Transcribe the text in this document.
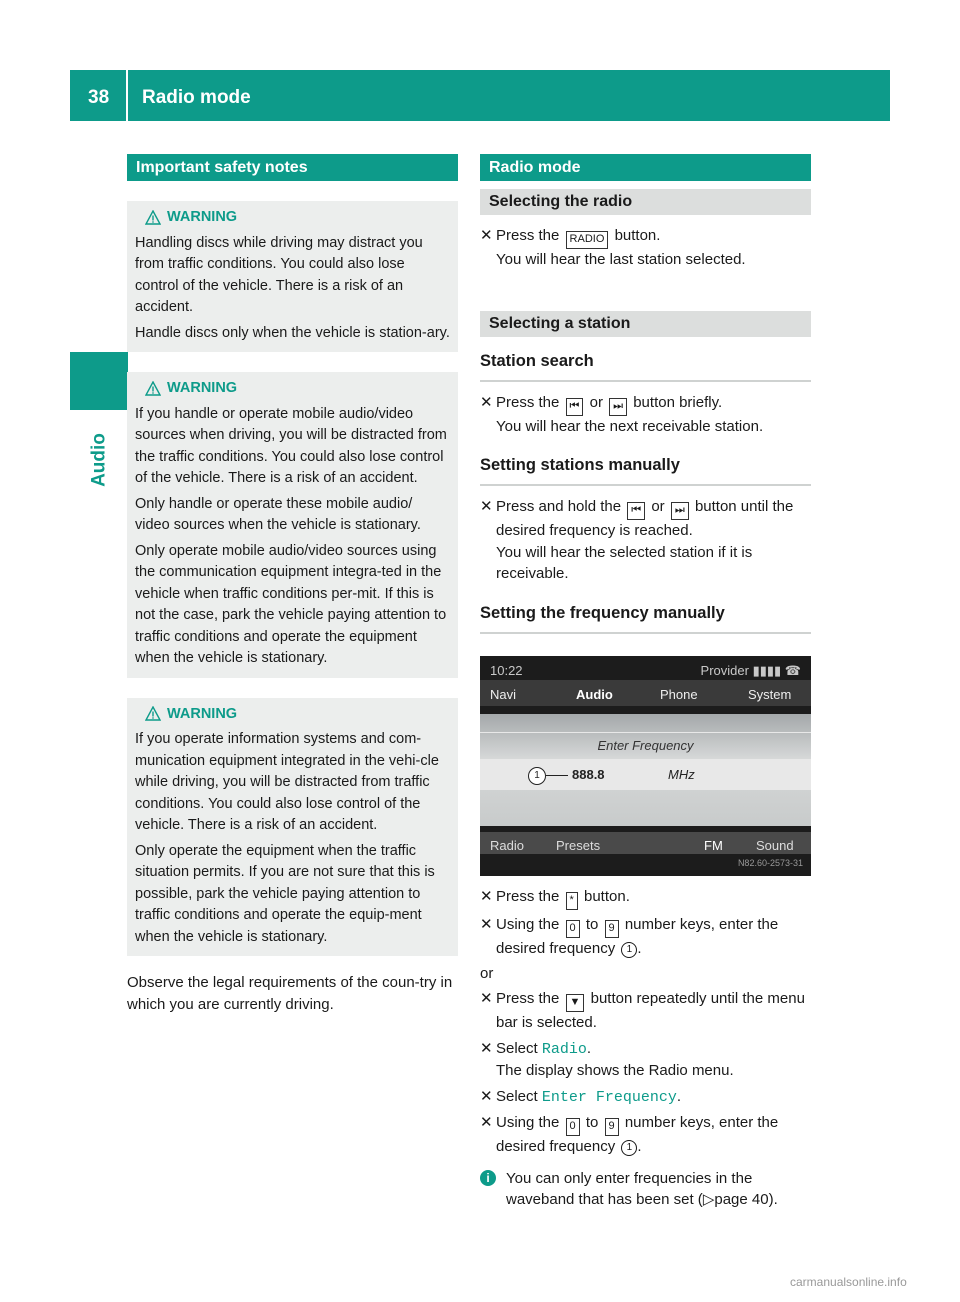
38 Radio mode
Audio
Important safety notes
WARNING

Handling discs while driving may distract you from traffic conditions. You could also lose control of the vehicle. There is a risk of an accident.

Handle discs only when the vehicle is station-ary.

WARNING

If you handle or operate mobile audio/video sources when driving, you will be distracted from the traffic conditions. You could also lose control of the vehicle. There is a risk of an accident.

Only handle or operate these mobile audio/ video sources when the vehicle is stationary.

Only operate mobile audio/video sources using the communication equipment integra-ted in the vehicle when traffic conditions per-mit. If this is not the case, park the vehicle paying attention to traffic conditions and operate the equipment when the vehicle is stationary.

WARNING

If you operate information systems and com-munication equipment integrated in the vehi-cle while driving, you will be distracted from traffic conditions. You could also lose control of the vehicle. There is a risk of an accident.

Only operate the equipment when the traffic situation permits. If you are not sure that this is possible, park the vehicle paying attention to traffic conditions and operate the equip-ment when the vehicle is stationary.

Observe the legal requirements of the coun-try in which you are currently driving.
Radio mode
Selecting the radio
✕ Press the RADIO button.
You will hear the last station selected.
Selecting a station
Station search
✕ Press the ⏮ or ⏭ button briefly.
You will hear the next receivable station.
Setting stations manually
✕ Press and hold the ⏮ or ⏭ button until the desired frequency is reached.
You will hear the selected station if it is receivable.
Setting the frequency manually
10:22	Provider ▮▮▮▮ ☎
Navi	Audio	Phone	System
Enter Frequency
1	888.8	MHz
Radio Presets	FM	Sound
N82.60-2573-31
✕ Press the * button.
✕ Using the 0 to 9 number keys, enter the desired frequency 1 .
or
✕ Press the ▼ button repeatedly until the menu bar is selected.
✕ Select Radio.
The display shows the Radio menu.
✕ Select Enter Frequency.
✕ Using the 0 to 9 number keys, enter the desired frequency 1 .
i	You can only enter frequencies in the waveband that has been set (▷page 40).
carmanualsonline.info
